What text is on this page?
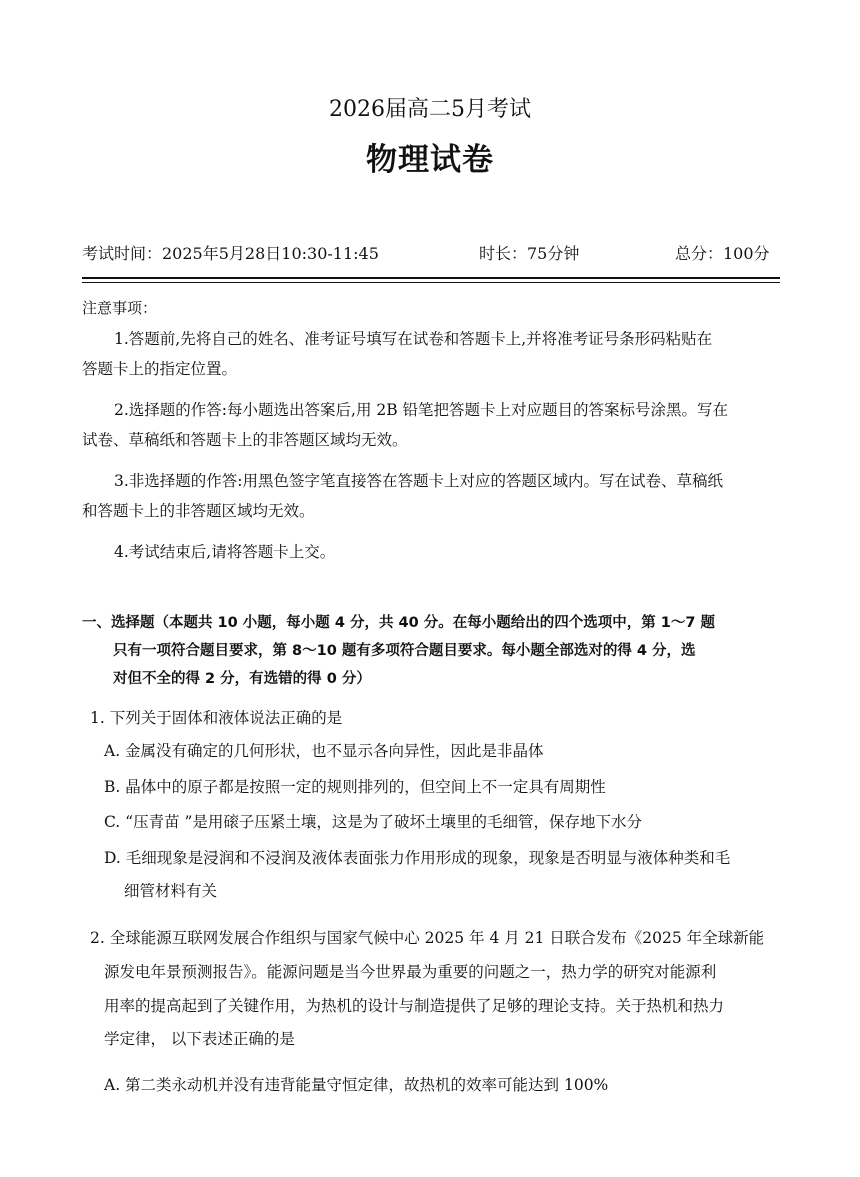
2026届高二5月考试
物理试卷
考试时间：2025年5月28日10:30-11:45	时长：75分钟	总分：100分
注意事项：
1.答题前,先将自己的姓名、准考证号填写在试卷和答题卡上,并将准考证号条形码粘贴在
答题卡上的指定位置。
2.选择题的作答:每小题选出答案后,用 2B 铅笔把答题卡上对应题目的答案标号涂黑。写在
试卷、草稿纸和答题卡上的非答题区域均无效。
3.非选择题的作答:用黑色签字笔直接答在答题卡上对应的答题区域内。写在试卷、草稿纸
和答题卡上的非答题区域均无效。
4.考试结束后,请将答题卡上交。
一、选择题（本题共 10 小题，每小题 4 分，共 40 分。在每小题给出的四个选项中，第 1～7 题
只有一项符合题目要求，第 8～10 题有多项符合题目要求。每小题全部选对的得 4 分，选
对但不全的得 2 分，有选错的得 0 分）
1. 下列关于固体和液体说法正确的是
A. 金属没有确定的几何形状，也不显示各向异性，因此是非晶体
B. 晶体中的原子都是按照一定的规则排列的，但空间上不一定具有周期性
C. “压青苗 ”是用磙子压紧土壤，这是为了破坏土壤里的毛细管，保存地下水分
D. 毛细现象是浸润和不浸润及液体表面张力作用形成的现象，现象是否明显与液体种类和毛
细管材料有关
2. 全球能源互联网发展合作组织与国家气候中心 2025 年 4 月 21 日联合发布《2025 年全球新能
源发电年景预测报告》。能源问题是当今世界最为重要的问题之一，热力学的研究对能源利
用率的提高起到了关键作用，为热机的设计与制造提供了足够的理论支持。关于热机和热力
学定律， 以下表述正确的是
A. 第二类永动机并没有违背能量守恒定律，故热机的效率可能达到 100%
